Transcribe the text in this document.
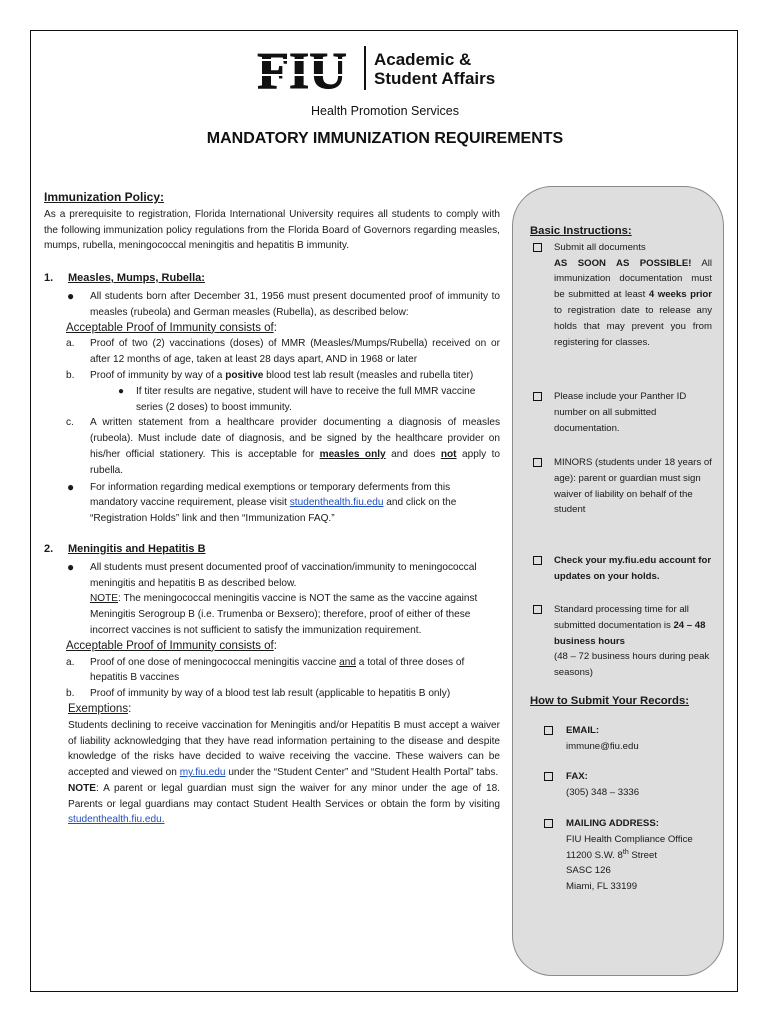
FIU Academic &
Student Affairs
Health Promotion Services
MANDATORY IMMUNIZATION REQUIREMENTS

Immunization Policy:

As a prerequisite to registration, Florida International University requires all students to comply with the following immunization policy regulations from the Florida Board of Governors regarding measles, mumps, rubella, meningococcal meningitis and hepatitis B immunity.

1. Measles, Mumps, Rubella:
● All students born after December 31, 1956 must present documented proof of immunity to measles (rubeola) and German measles (Rubella), as described below:

Acceptable Proof of Immunity consists of:

a. Proof of two (2) vaccinations (doses) of MMR (Measles/Mumps/Rubella) received on or after 12 months of age, taken at least 28 days apart, AND in 1968 or later
b. Proof of immunity by way of a positive blood test lab result (measles and rubella titer)
● If titer results are negative, student will have to receive the full MMR vaccine series (2 doses) to boost immunity.
c. A written statement from a healthcare provider documenting a diagnosis of measles (rubeola). Must include date of diagnosis, and be signed by the healthcare provider on his/her official stationery. This is acceptable for measles only and does not apply to rubella.
● For information regarding medical exemptions or temporary deferments from this mandatory vaccine requirement, please visit studenthealth.fiu.edu and click on the “Registration Holds” link and then “Immunization FAQ.”
2. Meningitis and Hepatitis B
● All students must present documented proof of vaccination/immunity to meningococcal meningitis and hepatitis B as described below.
NOTE: The meningococcal meningitis vaccine is NOT the same as the vaccine against Meningitis Serogroup B (i.e. Trumenba or Bexsero); therefore, proof of either of these incorrect vaccines is not sufficient to satisfy the immunization requirement.

Acceptable Proof of Immunity consists of:

a. Proof of one dose of meningococcal meningitis vaccine and a total of three doses of hepatitis B vaccines
b. Proof of immunity by way of a blood test lab result (applicable to hepatitis B only)

Exemptions:

Students declining to receive vaccination for Meningitis and/or Hepatitis B must accept a waiver of liability acknowledging that they have read information pertaining to the disease and despite knowledge of the risks have decided to waive receiving the vaccine. These waivers can be accepted and viewed on my.fiu.edu under the “Student Center” and “Student Health Portal” tabs.

NOTE: A parent or legal guardian must sign the waiver for any minor under the age of 18. Parents or legal guardians may contact Student Health Services or obtain the form by visiting studenthealth.fiu.edu.

Basic Instructions:

Submit all documents
AS SOON AS POSSIBLE! All immunization documentation must be submitted at least 4 weeks prior to registration date to release any holds that may prevent you from registering for classes.
Please include your Panther ID number on all submitted documentation.
MINORS (students under 18 years of age): parent or guardian must sign waiver of liability on behalf of the student
Check your my.fiu.edu account for updates on your holds.
Standard processing time for all submitted documentation is 24 – 48 business hours
(48 – 72 business hours during peak seasons)

How to Submit Your Records:

EMAIL:
immune@fiu.edu
FAX:
(305) 348 – 3336
MAILING ADDRESS:
FIU Health Compliance Office
11200 S.W. 8th Street
SASC 126
Miami, FL 33199
